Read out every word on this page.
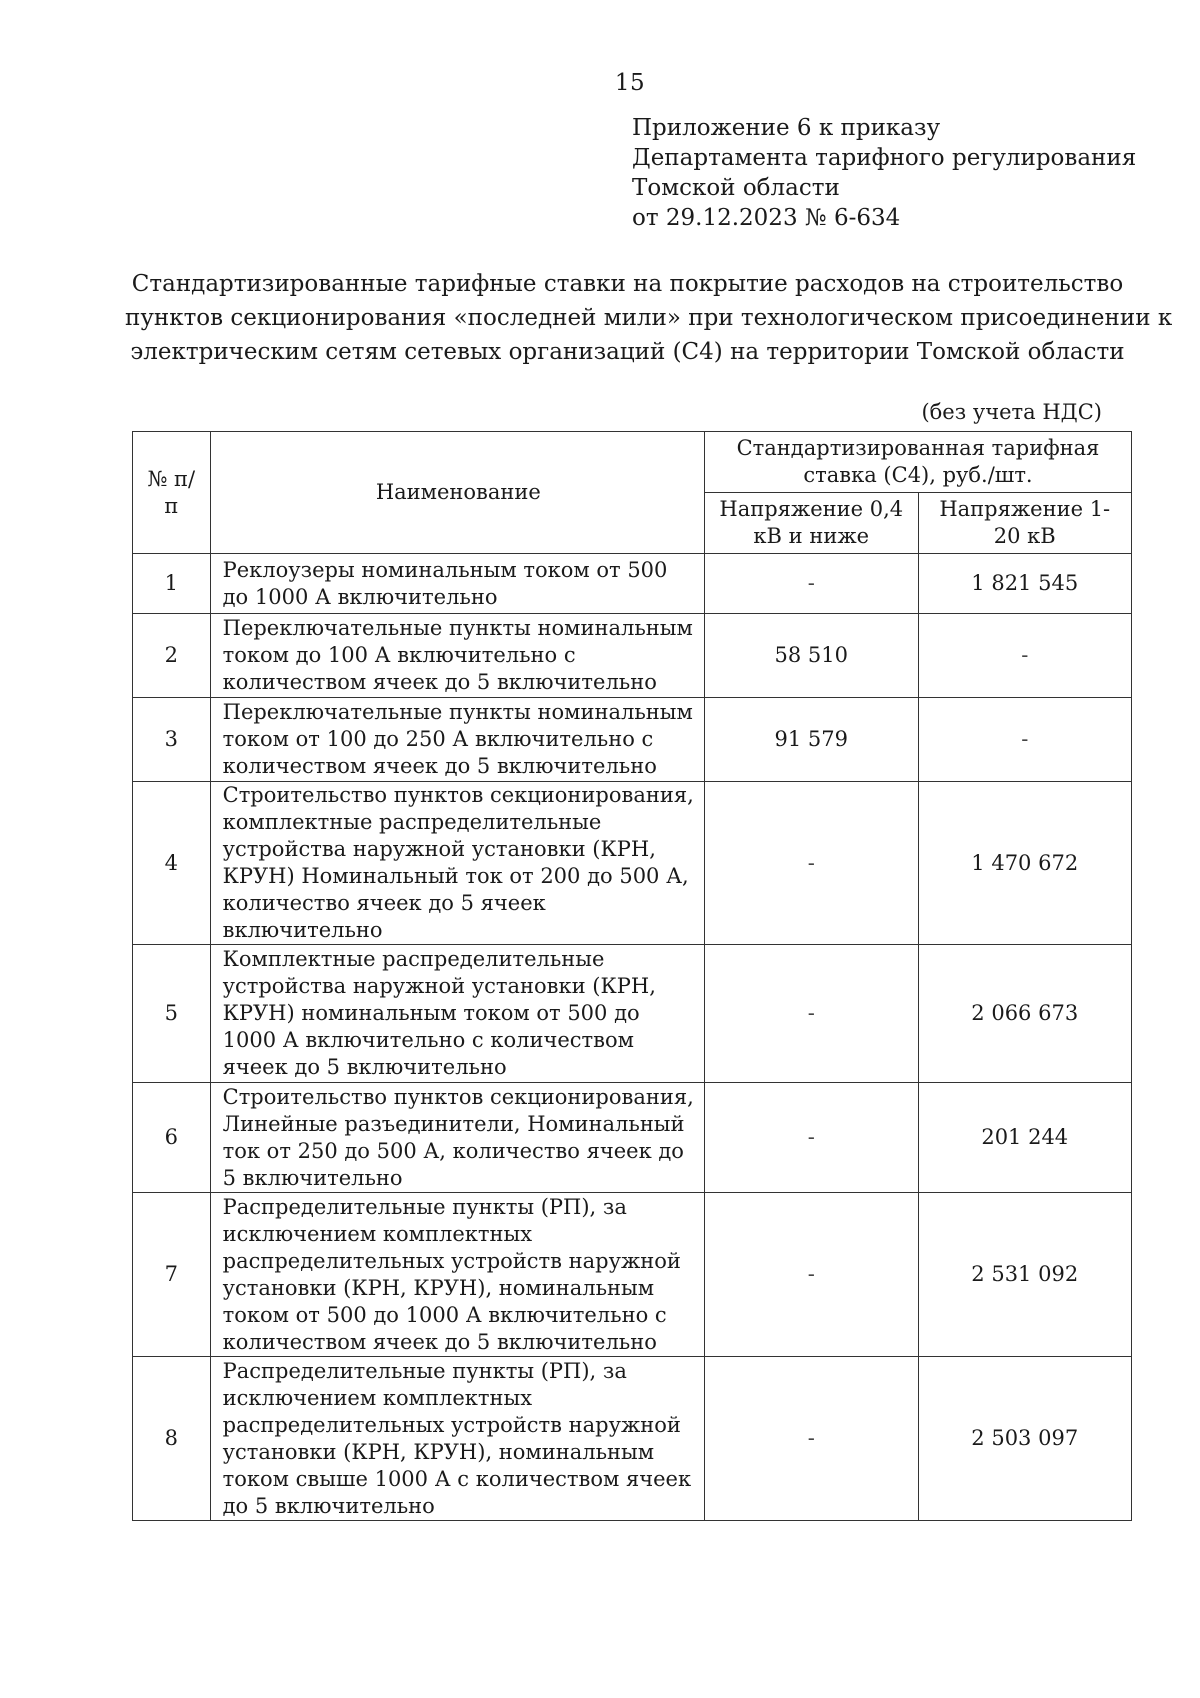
15
Приложение 6 к приказу
Департамента тарифного регулирования
Томской области
от 29.12.2023 № 6-634
Стандартизированные тарифные ставки на покрытие расходов на строительство
пунктов секционирования «последней мили» при технологическом присоединении к
электрическим сетям сетевых организаций (С4) на территории Томской области
(без учета НДС)
№ п/п	Наименование	Стандартизированная тарифная ставка (С4), руб./шт.	
		Напряжение 0,4 кВ и ниже	Напряжение 1-20 кВ
1	Реклоузеры номинальным током от 500 до 1000 А включительно	-	1 821 545
2	Переключательные пункты номинальным током до 100 А включительно с количеством ячеек до 5 включительно	58 510	-
3	Переключательные пункты номинальным током от 100 до 250 А включительно с количеством ячеек до 5 включительно	91 579	-
4	Строительство пунктов секционирования, комплектные распределительные устройства наружной установки (КРН, КРУН) Номинальный ток от 200 до 500 А, количество ячеек до 5 ячеек включительно	-	1 470 672
5	Комплектные распределительные устройства наружной установки (КРН, КРУН) номинальным током от 500 до 1000 А включительно с количеством ячеек до 5 включительно	-	2 066 673
6	Строительство пунктов секционирования, Линейные разъединители, Номинальный ток от 250 до 500 А, количество ячеек до 5 включительно	-	201 244
7	Распределительные пункты (РП), за исключением комплектных распределительных устройств наружной установки (КРН, КРУН), номинальным током от 500 до 1000 А включительно с количеством ячеек до 5 включительно	-	2 531 092
8	Распределительные пункты (РП), за исключением комплектных распределительных устройств наружной установки (КРН, КРУН), номинальным током свыше 1000 А с количеством ячеек до 5 включительно	-	2 503 097
